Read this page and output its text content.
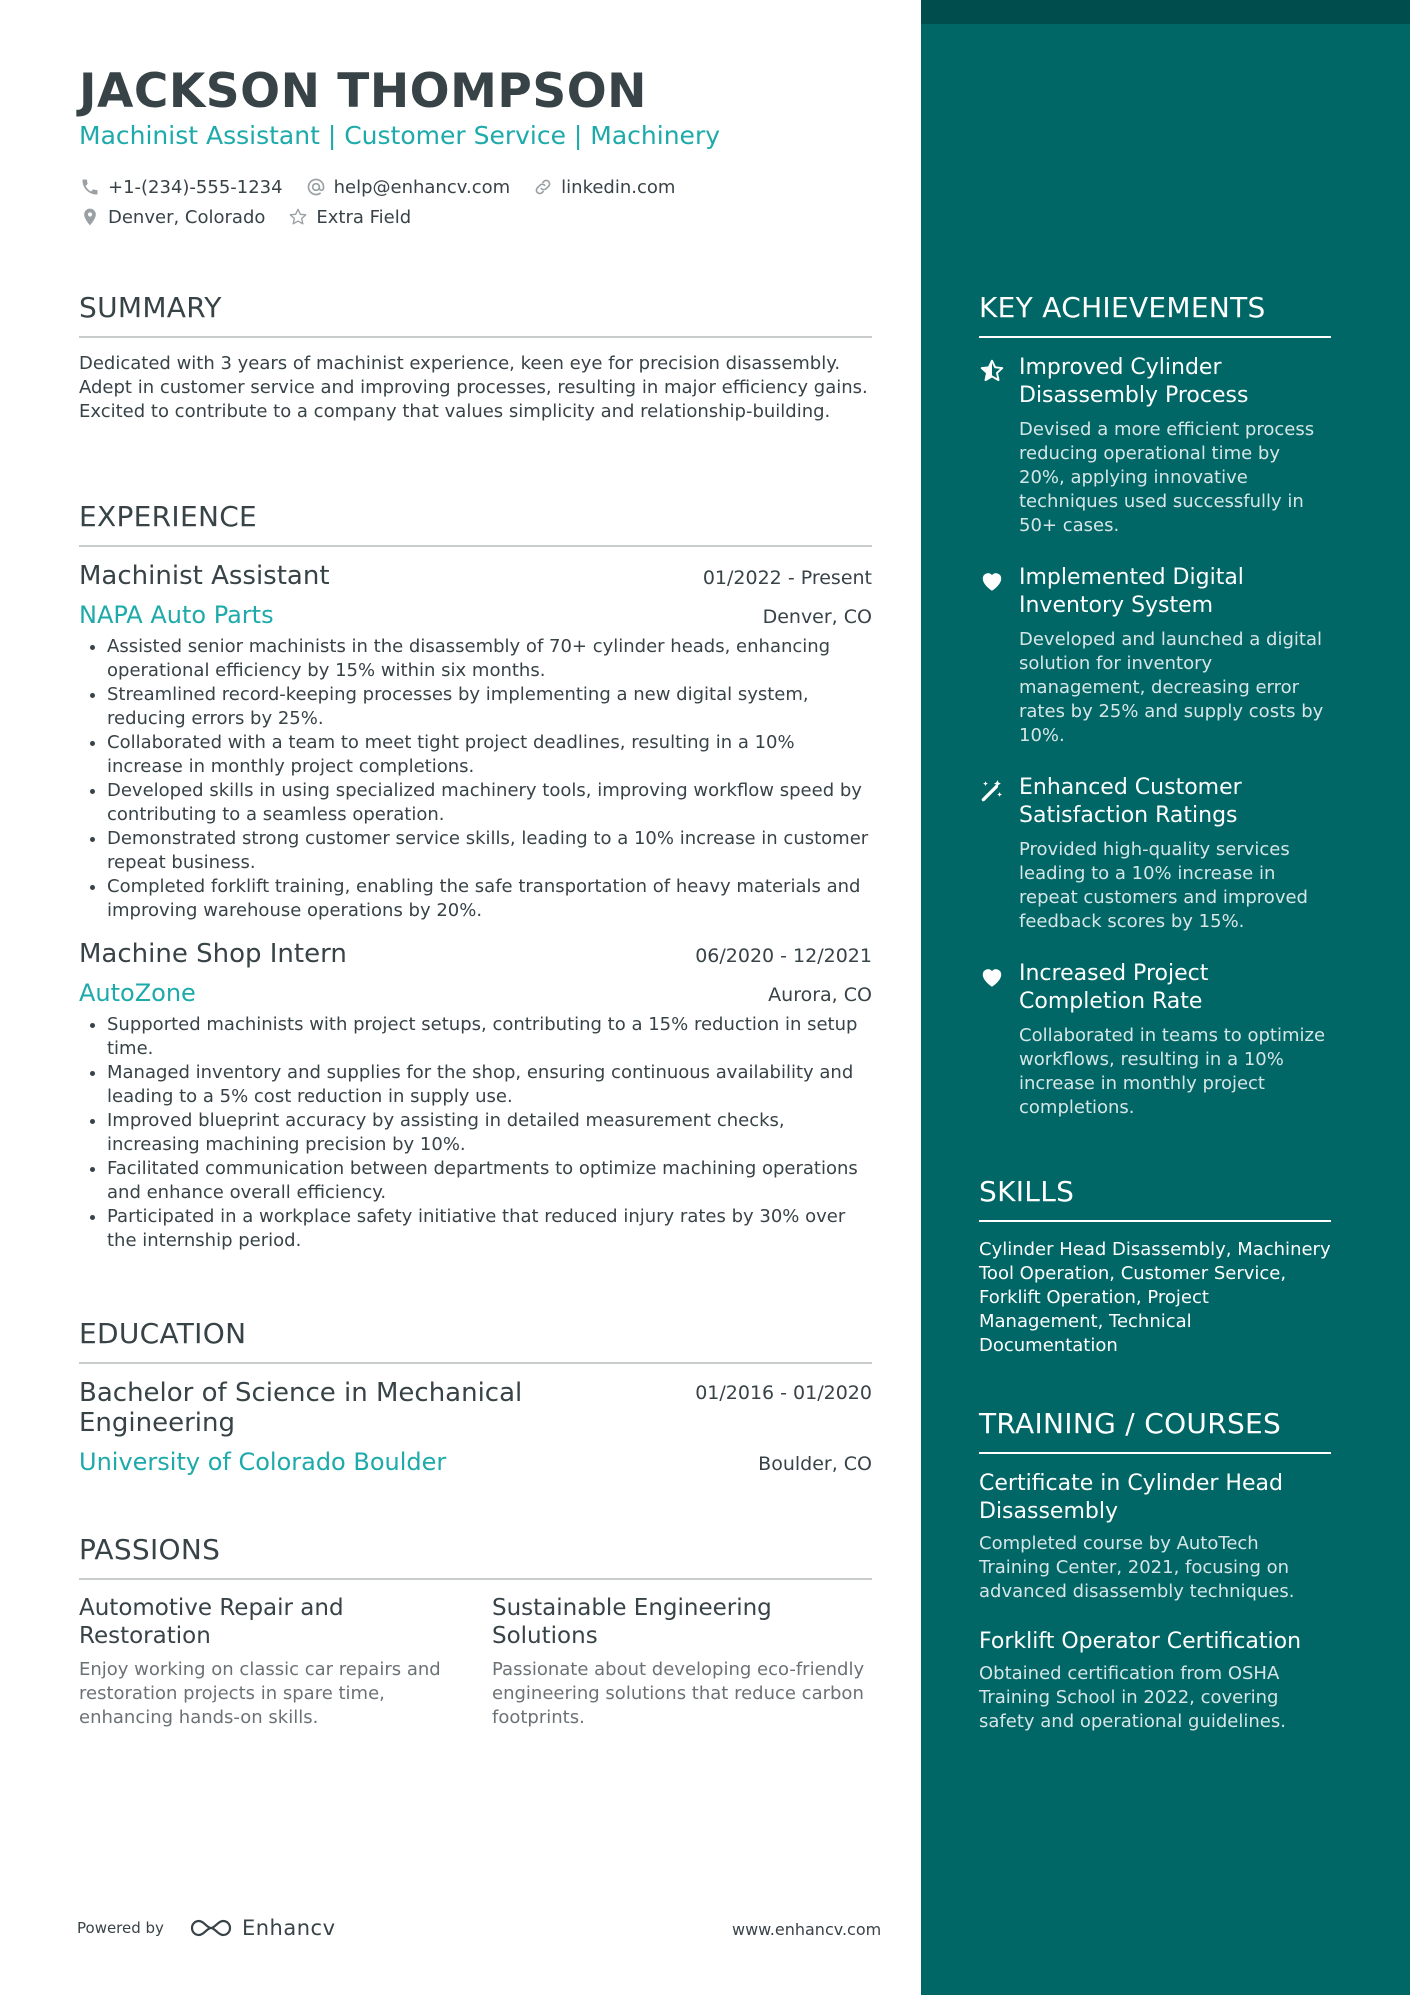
JACKSON THOMPSON
Machinist Assistant | Customer Service | Machinery
+1-(234)-555-1234	help@enhancv.com	linkedin.com
Denver, Colorado	Extra Field
SUMMARY
Dedicated with 3 years of machinist experience, keen eye for precision disassembly. Adept in customer service and improving processes, resulting in major efficiency gains. Excited to contribute to a company that values simplicity and relationship-building.
EXPERIENCE
Machinist Assistant	01/2022 - Present
NAPA Auto Parts	Denver, CO
• Assisted senior machinists in the disassembly of 70+ cylinder heads, enhancing operational efficiency by 15% within six months.
• Streamlined record-keeping processes by implementing a new digital system, reducing errors by 25%.
• Collaborated with a team to meet tight project deadlines, resulting in a 10% increase in monthly project completions.
• Developed skills in using specialized machinery tools, improving workflow speed by contributing to a seamless operation.
• Demonstrated strong customer service skills, leading to a 10% increase in customer repeat business.
• Completed forklift training, enabling the safe transportation of heavy materials and improving warehouse operations by 20%.
Machine Shop Intern	06/2020 - 12/2021
AutoZone	Aurora, CO
• Supported machinists with project setups, contributing to a 15% reduction in setup time.
• Managed inventory and supplies for the shop, ensuring continuous availability and leading to a 5% cost reduction in supply use.
• Improved blueprint accuracy by assisting in detailed measurement checks, increasing machining precision by 10%.
• Facilitated communication between departments to optimize machining operations and enhance overall efficiency.
• Participated in a workplace safety initiative that reduced injury rates by 30% over the internship period.
EDUCATION
Bachelor of Science in Mechanical Engineering
01/2016 - 01/2020
University of Colorado Boulder	Boulder, CO
PASSIONS
Automotive Repair and Restoration
Enjoy working on classic car repairs and restoration projects in spare time, enhancing hands-on skills.
Sustainable Engineering Solutions
Passionate about developing eco-friendly engineering solutions that reduce carbon footprints.
Powered by	Enhancv	www.enhancv.com
KEY ACHIEVEMENTS
Improved Cylinder Disassembly Process
Devised a more efficient process reducing operational time by 20%, applying innovative techniques used successfully in 50+ cases.
Implemented Digital Inventory System
Developed and launched a digital solution for inventory management, decreasing error rates by 25% and supply costs by 10%.
Enhanced Customer Satisfaction Ratings
Provided high-quality services leading to a 10% increase in repeat customers and improved feedback scores by 15%.
Increased Project Completion Rate
Collaborated in teams to optimize workflows, resulting in a 10% increase in monthly project completions.
SKILLS
Cylinder Head Disassembly, Machinery Tool Operation, Customer Service, Forklift Operation, Project Management, Technical Documentation
TRAINING / COURSES
Certificate in Cylinder Head Disassembly
Completed course by AutoTech Training Center, 2021, focusing on advanced disassembly techniques.
Forklift Operator Certification
Obtained certification from OSHA Training School in 2022, covering safety and operational guidelines.
